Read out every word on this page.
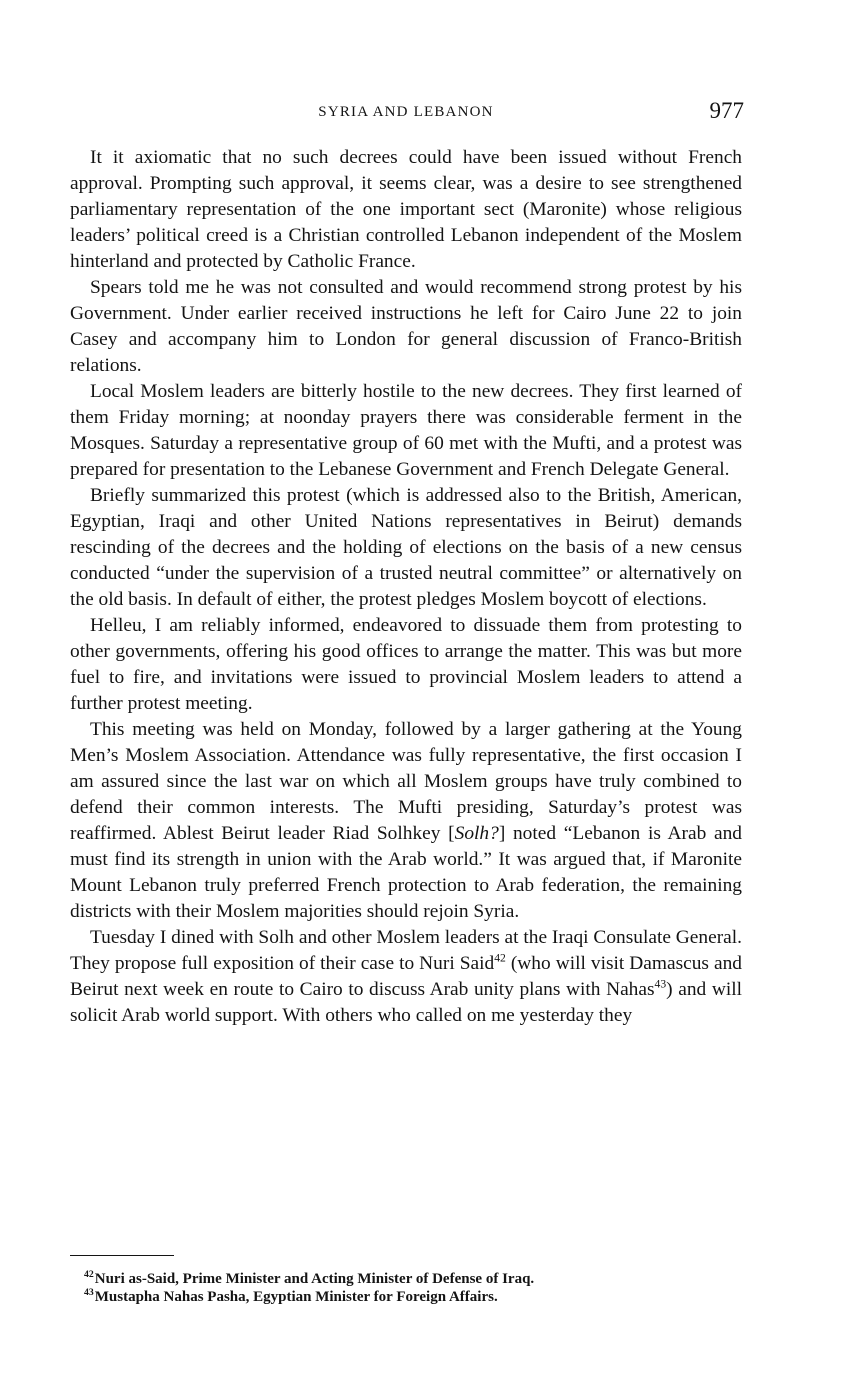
SYRIA AND LEBANON	977

It it axiomatic that no such decrees could have been issued without French approval. Prompting such approval, it seems clear, was a desire to see strengthened parliamentary representation of the one important sect (Maronite) whose religious leaders’ political creed is a Christian controlled Lebanon independent of the Moslem hinterland and protected by Catholic France.

Spears told me he was not consulted and would recommend strong protest by his Government. Under earlier received instructions he left for Cairo June 22 to join Casey and accompany him to London for general discussion of Franco-British relations.

Local Moslem leaders are bitterly hostile to the new decrees. They first learned of them Friday morning; at noonday prayers there was considerable ferment in the Mosques. Saturday a representative group of 60 met with the Mufti, and a protest was prepared for presentation to the Lebanese Government and French Delegate General.

Briefly summarized this protest (which is addressed also to the British, American, Egyptian, Iraqi and other United Nations representatives in Beirut) demands rescinding of the decrees and the holding of elections on the basis of a new census conducted “under the supervision of a trusted neutral committee” or alternatively on the old basis. In default of either, the protest pledges Moslem boycott of elections.

Helleu, I am reliably informed, endeavored to dissuade them from protesting to other governments, offering his good offices to arrange the matter. This was but more fuel to fire, and invitations were issued to provincial Moslem leaders to attend a further protest meeting.

This meeting was held on Monday, followed by a larger gathering at the Young Men’s Moslem Association. Attendance was fully representative, the first occasion I am assured since the last war on which all Moslem groups have truly combined to defend their common interests. The Mufti presiding, Saturday’s protest was reaffirmed. Ablest Beirut leader Riad Solhkey [Solh?] noted “Lebanon is Arab and must find its strength in union with the Arab world.” It was argued that, if Maronite Mount Lebanon truly preferred French protection to Arab federation, the remaining districts with their Moslem majorities should rejoin Syria.

Tuesday I dined with Solh and other Moslem leaders at the Iraqi Consulate General. They propose full exposition of their case to Nuri Said$^{42}$ (who will visit Damascus and Beirut next week en route to Cairo to discuss Arab unity plans with Nahas$^{43}$) and will solicit Arab world support. With others who called on me yesterday they

$^{42}$Nuri as-Said, Prime Minister and Acting Minister of Defense of Iraq.

$^{43}$Mustapha Nahas Pasha, Egyptian Minister for Foreign Affairs.
